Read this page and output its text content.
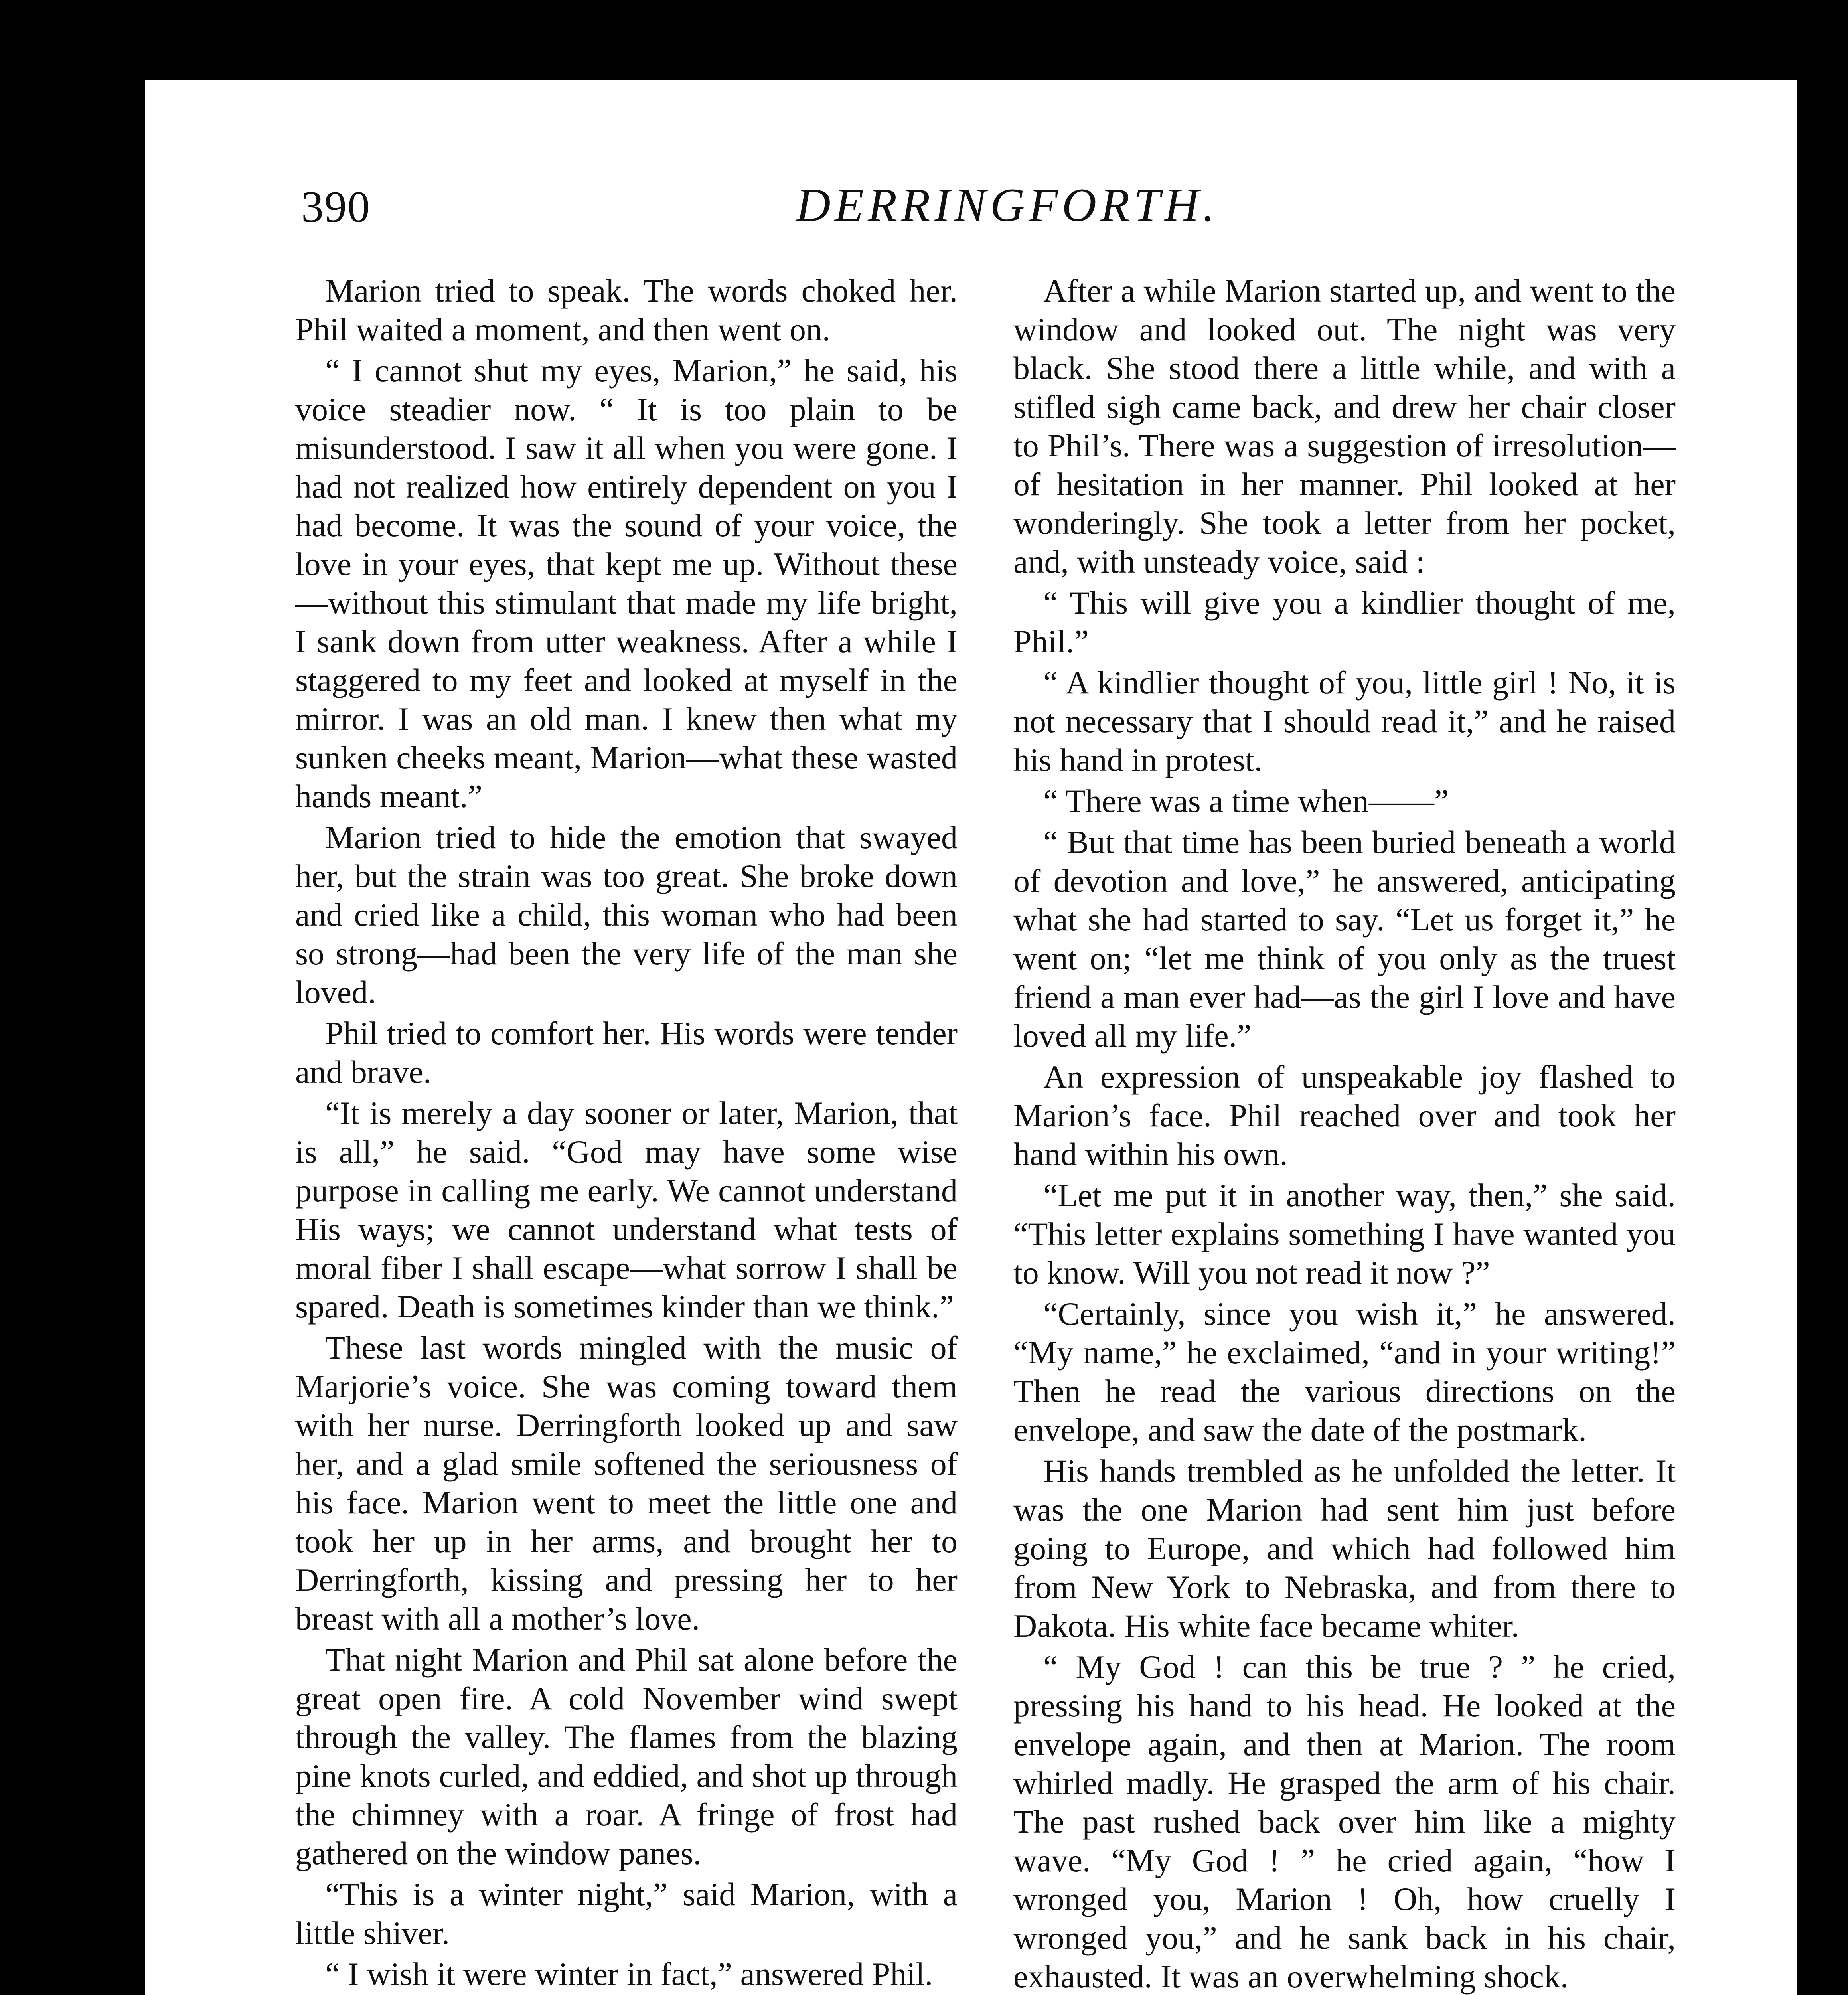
390	DERRINGFORTH.

Marion tried to speak. The words choked her. Phil waited a moment, and then went on.

“ I cannot shut my eyes, Marion,” he said, his voice steadier now. “ It is too plain to be misunderstood. I saw it all when you were gone. I had not realized how entirely dependent on you I had become. It was the sound of your voice, the love in your eyes, that kept me up. Without these—without this stimulant that made my life bright, I sank down from utter weakness. After a while I staggered to my feet and looked at myself in the mirror. I was an old man. I knew then what my sunken cheeks meant, Marion—what these wasted hands meant.”

Marion tried to hide the emotion that swayed her, but the strain was too great. She broke down and cried like a child, this woman who had been so strong—had been the very life of the man she loved.

Phil tried to comfort her. His words were tender and brave.

“It is merely a day sooner or later, Marion, that is all,” he said. “God may have some wise purpose in calling me early. We cannot understand His ways; we cannot understand what tests of moral fiber I shall escape—what sorrow I shall be spared. Death is sometimes kinder than we think.”

These last words mingled with the music of Marjorie’s voice. She was coming toward them with her nurse. Derringforth looked up and saw her, and a glad smile softened the seriousness of his face. Marion went to meet the little one and took her up in her arms, and brought her to Derringforth, kissing and pressing her to her breast with all a mother’s love.

That night Marion and Phil sat alone before the great open fire. A cold November wind swept through the valley. The flames from the blazing pine knots curled, and eddied, and shot up through the chimney with a roar. A fringe of frost had gathered on the window panes.

“This is a winter night,” said Marion, with a little shiver.

“ I wish it were winter in fact,” answered Phil.

After a while Marion started up, and went to the window and looked out. The night was very black. She stood there a little while, and with a stifled sigh came back, and drew her chair closer to Phil’s. There was a suggestion of irresolution—of hesitation in her manner. Phil looked at her wonderingly. She took a letter from her pocket, and, with unsteady voice, said :

“ This will give you a kindlier thought of me, Phil.”

“ A kindlier thought of you, little girl ! No, it is not necessary that I should read it,” and he raised his hand in protest.

“ There was a time when——”

“ But that time has been buried beneath a world of devotion and love,” he answered, anticipating what she had started to say. “Let us forget it,” he went on; “let me think of you only as the truest friend a man ever had—as the girl I love and have loved all my life.”

An expression of unspeakable joy flashed to Marion’s face. Phil reached over and took her hand within his own.

“Let me put it in another way, then,” she said. “This letter explains something I have wanted you to know. Will you not read it now ?”

“Certainly, since you wish it,” he answered. “My name,” he exclaimed, “and in your writing!” Then he read the various directions on the envelope, and saw the date of the postmark.

His hands trembled as he unfolded the letter. It was the one Marion had sent him just before going to Europe, and which had followed him from New York to Nebraska, and from there to Dakota. His white face became whiter.

“ My God ! can this be true ? ” he cried, pressing his hand to his head. He looked at the envelope again, and then at Marion. The room whirled madly. He grasped the arm of his chair. The past rushed back over him like a mighty wave. “My God ! ” he cried again, “how I wronged you, Marion ! Oh, how cruelly I wronged you,” and he sank back in his chair, exhausted. It was an overwhelming shock.
